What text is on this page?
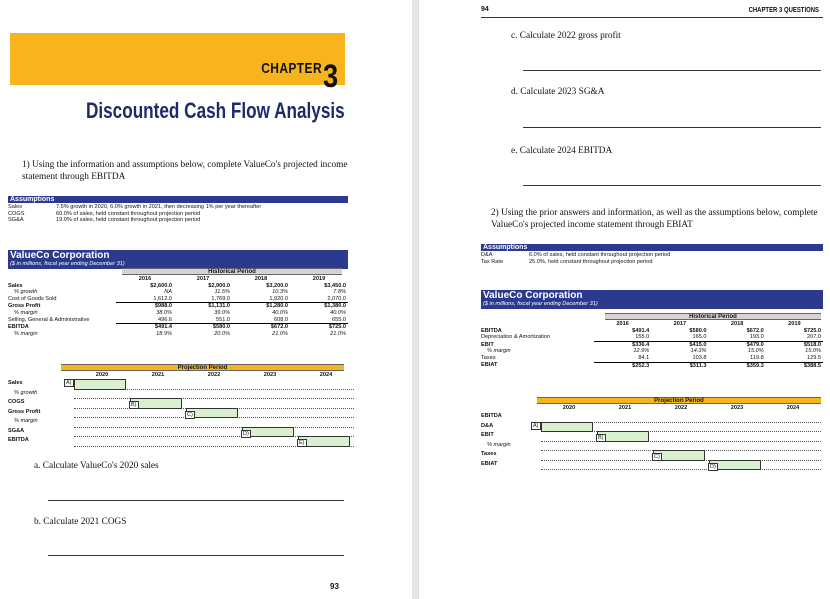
CHAPTER 3
Discounted Cash Flow Analysis
1) Using the information and assumptions below, complete ValueCo's projected income statement through EBITDA
Assumptions
Sales	7.5% growth in 2020, 6.0% growth in 2021, then decreasing 1% per year thereafter
COGS	60.0% of sales, held constant throughout projection period
SG&A	19.0% of sales, held constant throughout projection period
ValueCo Corporation
($ in millions, fiscal year ending December 31)
Historical Period
	2016	2017	2018	2019
Sales	$2,600.0	$2,900.0	$3,200.0	$3,450.0
% growth	NA	11.5%	10.3%	7.8%
Cost of Goods Sold	1,612.0	1,769.0	1,920.0	2,070.0
Gross Profit	$988.0	$1,131.0	$1,280.0	$1,380.0
% margin	38.0%	39.0%	40.0%	40.0%
Selling, General & Administrative	496.6	551.0	608.0	655.0
EBITDA	$491.4	$580.0	$672.0	$725.0
% margin	18.9%	20.0%	21.0%	21.0%
Projection Period
2020	2021	2022	2023	2024
Sales
% growth
COGS
Gross Profit
% margin
SG&A
EBITDA
A)
B)
C)
D)
E)
a. Calculate ValueCo's 2020 sales
b. Calculate 2021 COGS
93
94	CHAPTER 3 QUESTIONS
c. Calculate 2022 gross profit
d. Calculate 2023 SG&A
e. Calculate 2024 EBITDA
2) Using the prior answers and information, as well as the assumptions below, complete ValueCo's projected income statement through EBIAT
Assumptions
D&A	6.0% of sales, held constant throughout projection period
Tax Rate	25.0%, held constant throughout projection period
ValueCo Corporation
($ in millions, fiscal year ending December 31)
Historical Period
	2016	2017	2018	2019
EBITDA	$491.4	$580.0	$672.0	$725.0
Depreciation & Amortization	155.0	165.0	193.0	207.0
EBIT	$336.4	$415.0	$479.0	$518.0
% margin	12.9%	14.3%	15.0%	15.0%
Taxes	84.1	103.8	119.8	129.5
EBIAT	$252.3	$311.3	$359.3	$388.5
Projection Period
2020	2021	2022	2023	2024
EBITDA
D&A
EBIT
% margin
Taxes
EBIAT
A)
B)
C)
D)
